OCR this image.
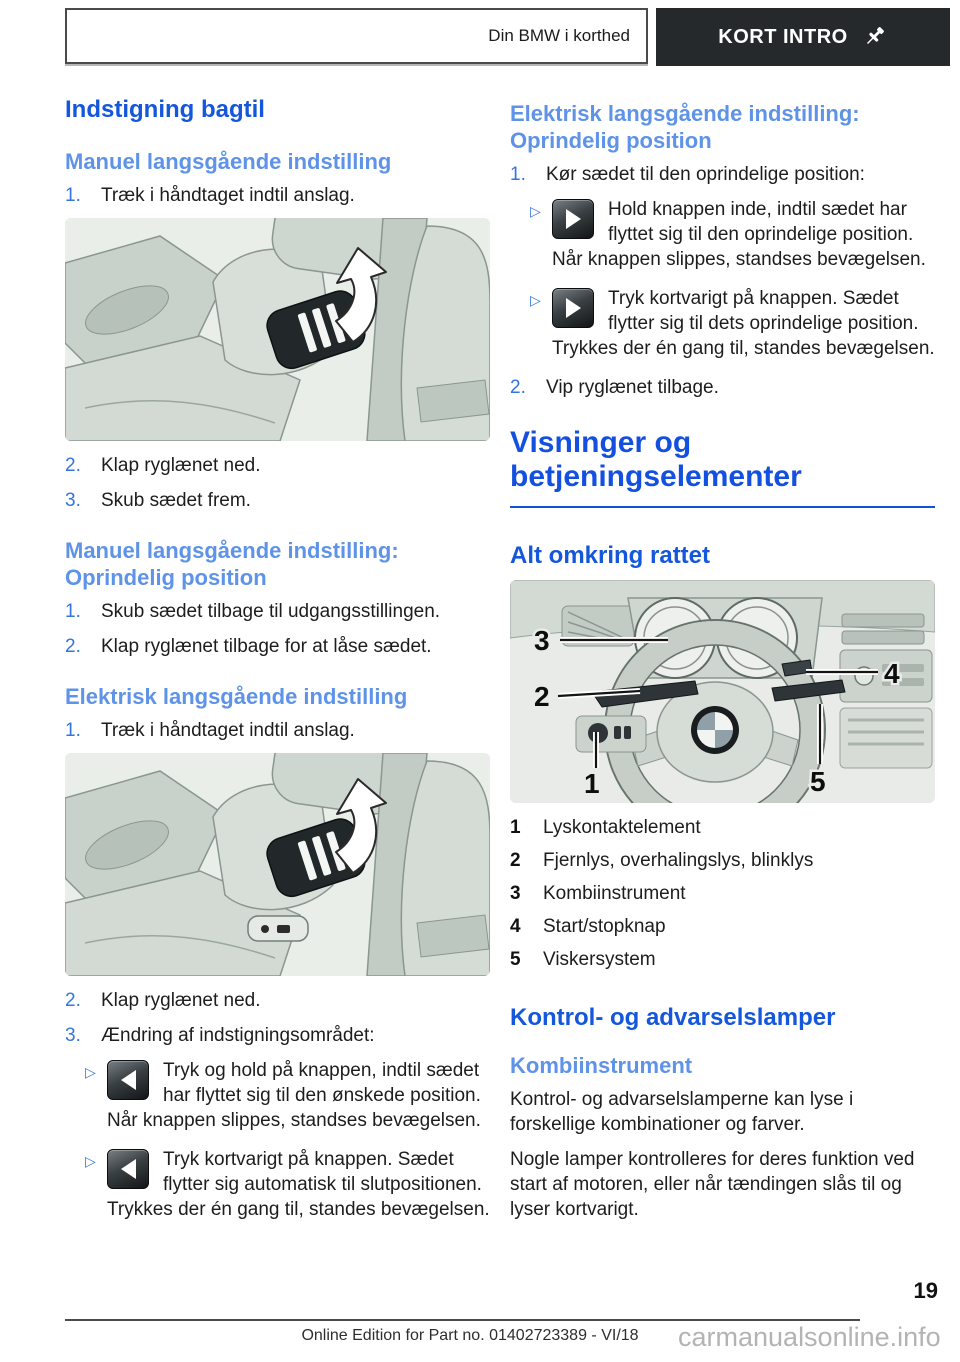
Din BMW i korthed	KORT INTRO
Indstigning bagtil
Manuel langsgående indstilling
1. Træk i håndtaget indtil anslag.
2. Klap ryglænet ned.
3. Skub sædet frem.
Manuel langsgående indstilling: Oprindelig position
1. Skub sædet tilbage til udgangsstillingen.
2. Klap ryglænet tilbage for at låse sædet.
Elektrisk langsgående indstilling
1. Træk i håndtaget indtil anslag.
2. Klap ryglænet ned.
3. Ændring af indstigningsområdet:
▷	Tryk og hold på knappen, indtil sædet har flyttet sig til den ønskede position. Når knappen slippes, standses bevægelsen.
▷	Tryk kortvarigt på knappen. Sædet flytter sig automatisk til slutpositionen. Trykkes der én gang til, standes bevægelsen.
Elektrisk langsgående indstilling: Oprindelig position
1. Kør sædet til den oprindelige position:
▷	Hold knappen inde, indtil sædet har flyttet sig til den oprindelige position. Når knappen slippes, standses bevægelsen.
▷	Tryk kortvarigt på knappen. Sædet flytter sig til dets oprindelige position. Trykkes der én gang til, standes bevægelsen.
2. Vip ryglænet tilbage.
Visninger og betjeningselementer
Alt omkring rattet
3
2
4
1	5
1	Lyskontaktelement
2	Fjernlys, overhalingslys, blinklys
3	Kombiinstrument
4	Start/stopknap
5	Viskersystem
Kontrol- og advarselslamper
Kombiinstrument

Kontrol- og advarselslamperne kan lyse i forskellige kombinationer og farver.

Nogle lamper kontrolleres for deres funktion ved start af motoren, eller når tændingen slås til og lyser kortvarigt.

19
Online Edition for Part no. 01402723389 - VI/18	carmanualsonline.info
